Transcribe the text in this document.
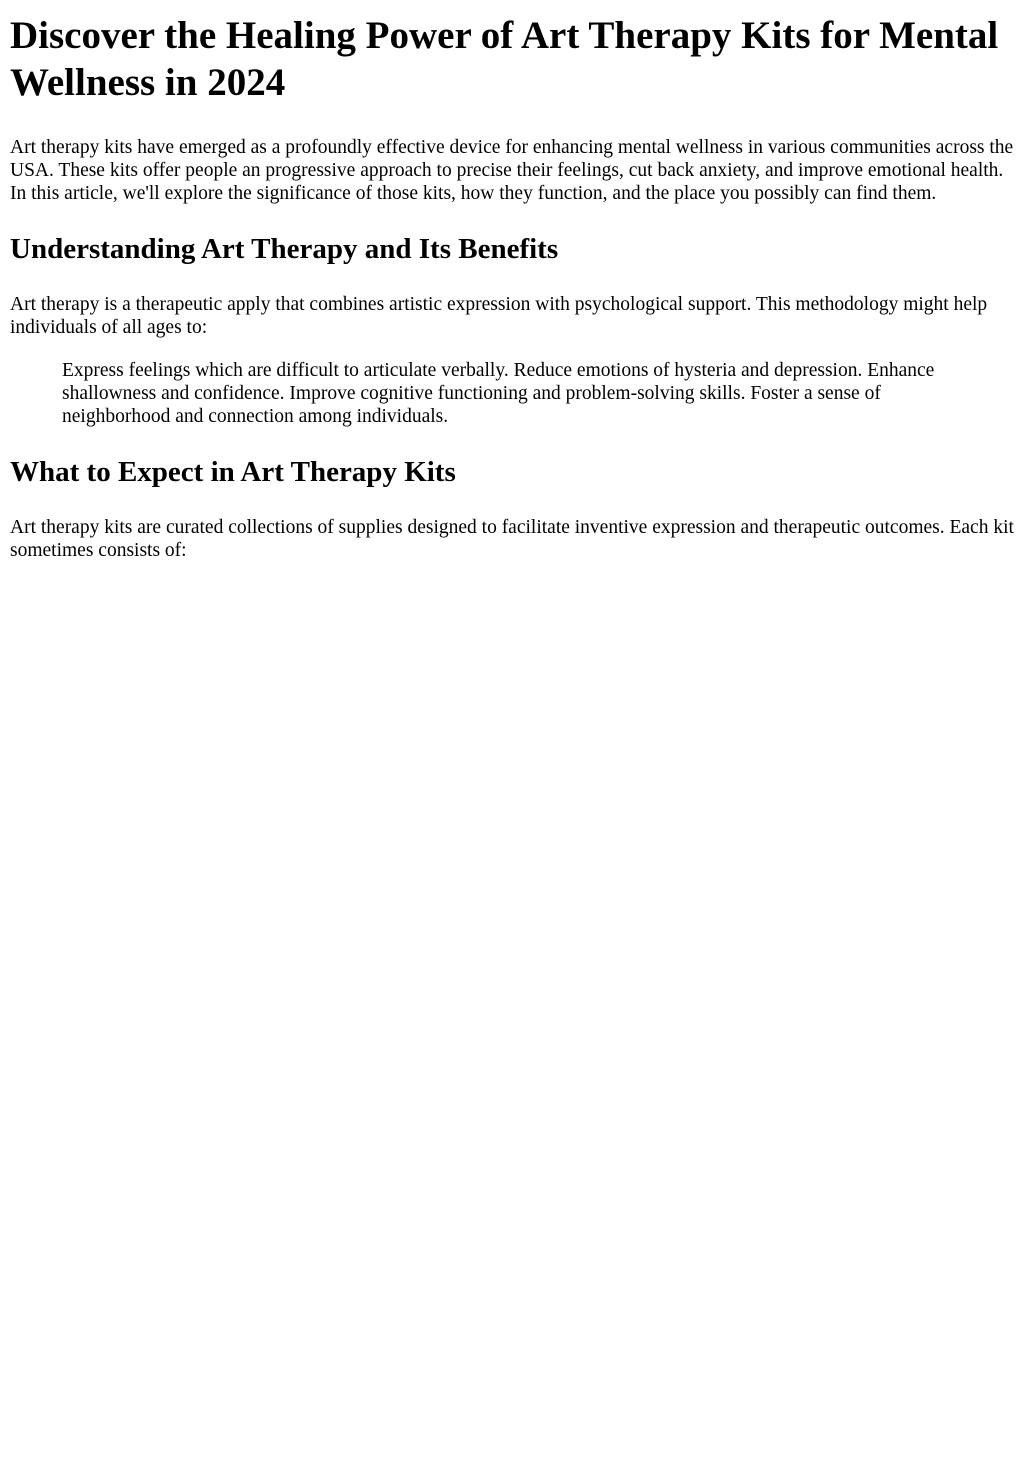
Discover the Healing Power of Art Therapy Kits for Mental Wellness in 2024

Art therapy kits have emerged as a profoundly effective device for enhancing mental wellness in various communities across the USA. These kits offer people an progressive approach to precise their feelings, cut back anxiety, and improve emotional health. In this article, we'll explore the significance of those kits, how they function, and the place you possibly can find them.

Understanding Art Therapy and Its Benefits

Art therapy is a therapeutic apply that combines artistic expression with psychological support. This methodology might help individuals of all ages to:

Express feelings which are difficult to articulate verbally. Reduce emotions of hysteria and depression. Enhance shallowness and confidence. Improve cognitive functioning and problem-solving skills. Foster a sense of neighborhood and connection among individuals.
What to Expect in Art Therapy Kits

Art therapy kits are curated collections of supplies designed to facilitate inventive expression and therapeutic outcomes. Each kit sometimes consists of:
